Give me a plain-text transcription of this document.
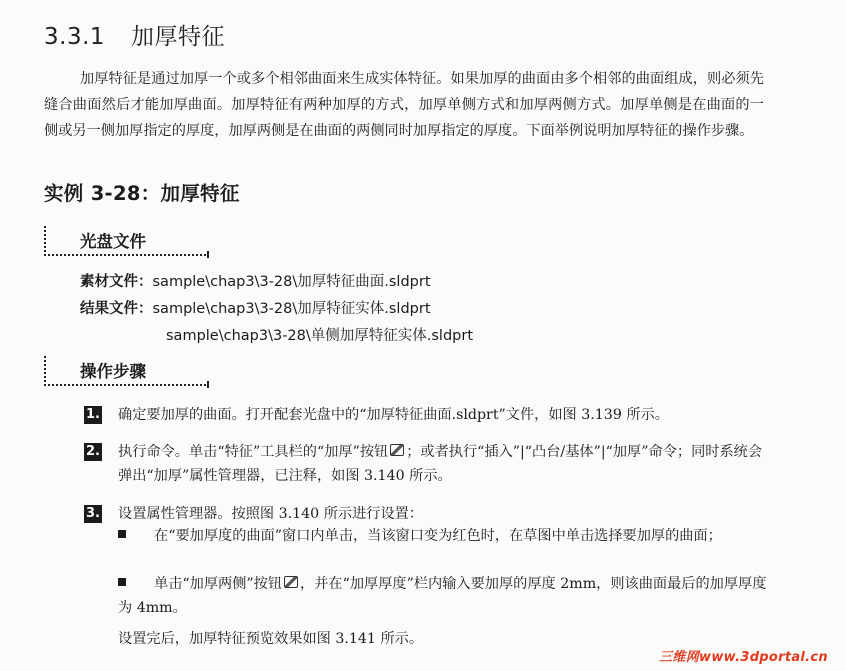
3.3.1 加厚特征
加厚特征是通过加厚一个或多个相邻曲面来生成实体特征。如果加厚的曲面由多个相邻的曲面组成，则必须先缝合曲面然后才能加厚曲面。加厚特征有两种加厚的方式，加厚单侧方式和加厚两侧方式。加厚单侧是在曲面的一侧或另一侧加厚指定的厚度，加厚两侧是在曲面的两侧同时加厚指定的厚度。下面举例说明加厚特征的操作步骤。
实例 3-28：加厚特征
光盘文件
素材文件：sample\chap3\3-28\加厚特征曲面.sldprt
结果文件：sample\chap3\3-28\加厚特征实体.sldprt
sample\chap3\3-28\单侧加厚特征实体.sldprt
操作步骤
1. 确定要加厚的曲面。打开配套光盘中的“加厚特征曲面.sldprt”文件，如图 3.139 所示。
2. 执行命令。单击“特征”工具栏的“加厚”按钮 ；或者执行“插入”|“凸台/基体”|“加厚”命令；同时系统会弹出“加厚”属性管理器，已注释，如图 3.140 所示。
3. 设置属性管理器。按照图 3.140 所示进行设置：
在“要加厚度的曲面”窗口内单击，当该窗口变为红色时，在草图中单击选择要加厚的曲面；
单击“加厚两侧”按钮 ，并在“加厚厚度”栏内输入要加厚的厚度 2mm，则该曲面最后的加厚厚度为 4mm。
设置完后，加厚特征预览效果如图 3.141 所示。
三维网www.3dportal.cn
